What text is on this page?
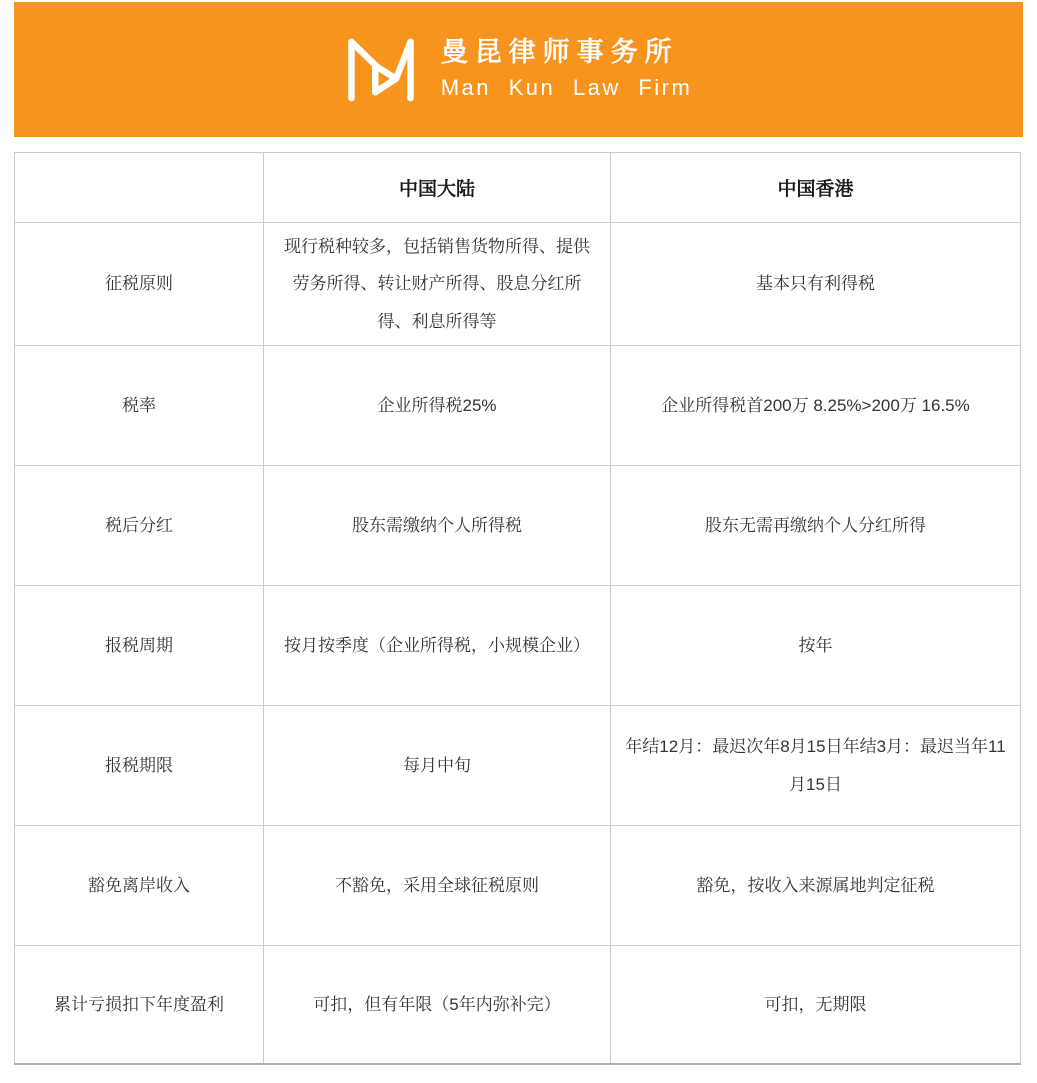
曼昆律师事务所
Man Kun Law Firm
	中国大陆	中国香港
征税原则	现行税种较多，包括销售货物所得、提供劳务所得、转让财产所得、股息分红所得、利息所得等	基本只有利得税
税率	企业所得税25%	企业所得税首200万 8.25%>200万 16.5%
税后分红	股东需缴纳个人所得税	股东无需再缴纳个人分红所得
报税周期	按月按季度（企业所得税，小规模企业）	按年
报税期限	每月中旬	年结12月：最迟次年8月15日年结3月：最迟当年11月15日
豁免离岸收入	不豁免，采用全球征税原则	豁免，按收入来源属地判定征税
累计亏损扣下年度盈利	可扣，但有年限（5年内弥补完）	可扣，无期限
